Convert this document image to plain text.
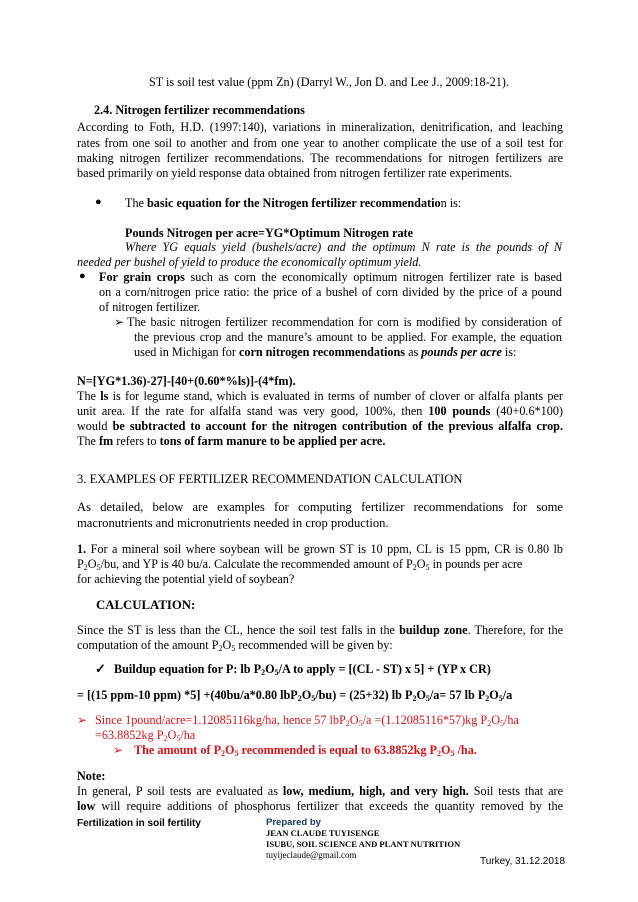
ST is soil test value (ppm Zn) (Darryl W., Jon D. and Lee J., 2009:18-21).
2.4. Nitrogen fertilizer recommendations
According to Foth, H.D. (1997:140), variations in mineralization, denitrification, and leaching
rates from one soil to another and from one year to another complicate the use of a soil test for
making nitrogen fertilizer recommendations. The recommendations for nitrogen fertilizers are
based primarily on yield response data obtained from nitrogen fertilizer rate experiments.
● The basic equation for the Nitrogen fertilizer recommendation is:
Pounds Nitrogen per acre=YG*Optimum Nitrogen rate
Where YG equals yield (bushels/acre) and the optimum N rate is the pounds of N
needed per bushel of yield to produce the economically optimum yield.
● For grain crops such as corn the economically optimum nitrogen fertilizer rate is based
on a corn/nitrogen price ratio: the price of a bushel of corn divided by the price of a pound
of nitrogen fertilizer.
➢ The basic nitrogen fertilizer recommendation for corn is modified by consideration of
the previous crop and the manure’s amount to be applied. For example, the equation
used in Michigan for corn nitrogen recommendations as pounds per acre is:
N=[YG*1.36)-27]-[40+(0.60*%ls)]-(4*fm).
The ls is for legume stand, which is evaluated in terms of number of clover or alfalfa plants per
unit area. If the rate for alfalfa stand was very good, 100%, then 100 pounds (40+0.6*100)
would be subtracted to account for the nitrogen contribution of the previous alfalfa crop.
The fm refers to tons of farm manure to be applied per acre.
3. EXAMPLES OF FERTILIZER RECOMMENDATION CALCULATION
As detailed, below are examples for computing fertilizer recommendations for some
macronutrients and micronutrients needed in crop production.
1. For a mineral soil where soybean will be grown ST is 10 ppm, CL is 15 ppm, CR is 0.80 lb
$P_2O_5/bu$, and YP is 40 bu/a. Calculate the recommended amount of $P_2O_5$ in pounds per acre
for achieving the potential yield of soybean?
CALCULATION:
Since the ST is less than the CL, hence the soil test falls in the buildup zone. Therefore, for the
computation of the amount $P_2O_5$ recommended will be given by:
✓ Buildup equation for P: lb $P_2O_5/A$ to apply = [(CL - ST) x 5] + (YP x CR)
= [(15 ppm-10 ppm) *5] +(40bu/a*0.80 $lbP_2O_5/bu) = (25+32)$ lb $P_2O_5/a= 57$ lb $P_2O_5/a$
➢ Since 1pound/acre=1.12085116kg/ha, hence 57 $lbP_2O_5/a =(1.12085116*57)kg$ $P_2O_5/ha$
=63.8852kg $P_2O_5/ha$
➢ The amount of $P_2O_5$ recommended is equal to 63.8852kg $P_2O_5$ /ha.
Note:
In general, P soil tests are evaluated as low, medium, high, and very high. Soil tests that are
low will require additions of phosphorus fertilizer that exceeds the quantity removed by the
Fertilization in soil fertility	Prepared by
JEAN CLAUDE TUYISENGE
ISUBU, SOIL SCIENCE AND PLANT NUTRITION
tuyijeclaude@gmail.com
Turkey, 31.12.2018
